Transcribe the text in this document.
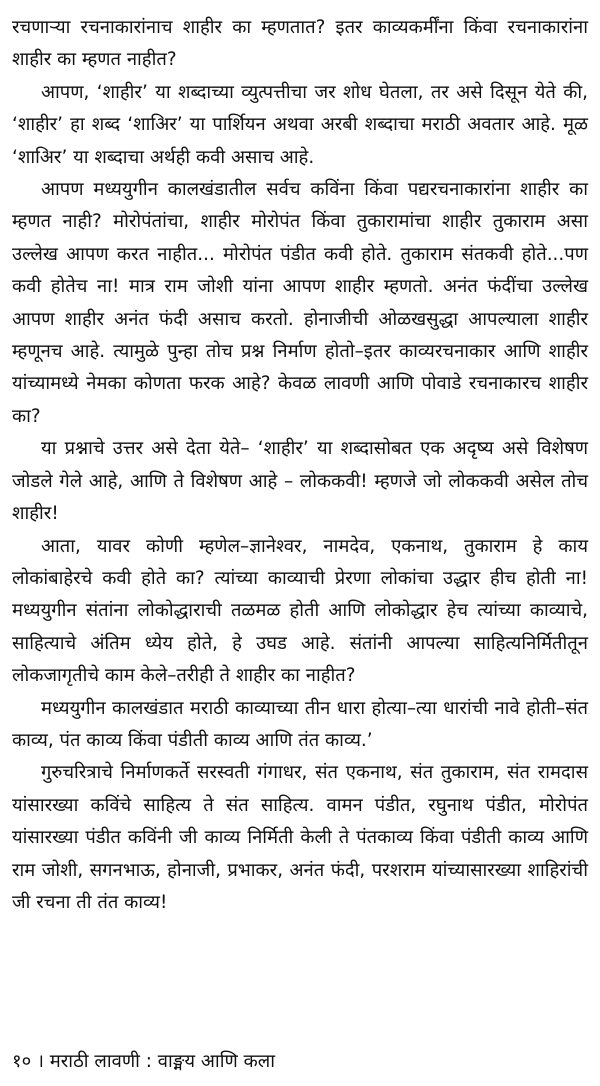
रचणाऱ्या रचनाकारांनाच शाहीर का म्हणतात? इतर काव्यकर्मींना किंवा रचनाकारांना शाहीर का म्हणत नाहीत?

आपण, ‘शाहीर’ या शब्दाच्या व्युत्पत्तीचा जर शोध घेतला, तर असे दिसून येते की, ‘शाहीर’ हा शब्द ‘शाअिर’ या पार्शियन अथवा अरबी शब्दाचा मराठी अवतार आहे. मूळ ‘शाअिर’ या शब्दाचा अर्थही कवी असाच आहे.

आपण मध्ययुगीन कालखंडातील सर्वच कविंना किंवा पद्यरचनाकारांना शाहीर का म्हणत नाही? मोरोपंतांचा, शाहीर मोरोपंत किंवा तुकारामांचा शाहीर तुकाराम असा उल्लेख आपण करत नाहीत... मोरोपंत पंडीत कवी होते. तुकाराम संतकवी होते...पण कवी होतेच ना! मात्र राम जोशी यांना आपण शाहीर म्हणतो. अनंत फंदींचा उल्लेख आपण शाहीर अनंत फंदी असाच करतो. होनाजीची ओळखसुद्धा आपल्याला शाहीर म्हणूनच आहे. त्यामुळे पुन्हा तोच प्रश्न निर्माण होतो–इतर काव्यरचनाकार आणि शाहीर यांच्यामध्ये नेमका कोणता फरक आहे? केवळ लावणी आणि पोवाडे रचनाकारच शाहीर का?

या प्रश्नाचे उत्तर असे देता येते– ‘शाहीर’ या शब्दासोबत एक अदृष्य असे विशेषण जोडले गेले आहे, आणि ते विशेषण आहे – लोककवी! म्हणजे जो लोककवी असेल तोच शाहीर!

आता, यावर कोणी म्हणेल–ज्ञानेश्वर, नामदेव, एकनाथ, तुकाराम हे काय लोकांबाहेरचे कवी होते का? त्यांच्या काव्याची प्रेरणा लोकांचा उद्धार हीच होती ना! मध्ययुगीन संतांना लोकोद्धाराची तळमळ होती आणि लोकोद्धार हेच त्यांच्या काव्याचे, साहित्याचे अंतिम ध्येय होते, हे उघड आहे. संतांनी आपल्या साहित्यनिर्मितीतून लोकजागृतीचे काम केले–तरीही ते शाहीर का नाहीत?

मध्ययुगीन कालखंडात मराठी काव्याच्या तीन धारा होत्या–त्या धारांची नावे होती–संत काव्य, पंत काव्य किंवा पंडीती काव्य आणि तंत काव्य.’

गुरुचरित्राचे निर्माणकर्ते सरस्वती गंगाधर, संत एकनाथ, संत तुकाराम, संत रामदास यांसारख्या कविंचे साहित्य ते संत साहित्य. वामन पंडीत, रघुनाथ पंडीत, मोरोपंत यांसारख्या पंडीत कविंनी जी काव्य निर्मिती केली ते पंतकाव्य किंवा पंडीती काव्य आणि राम जोशी, सगनभाऊ, होनाजी, प्रभाकर, अनंत फंदी, परशराम यांच्यासारख्या शाहिरांची जी रचना ती तंत काव्य!

१० । मराठी लावणी : वाङ्मय आणि कला
